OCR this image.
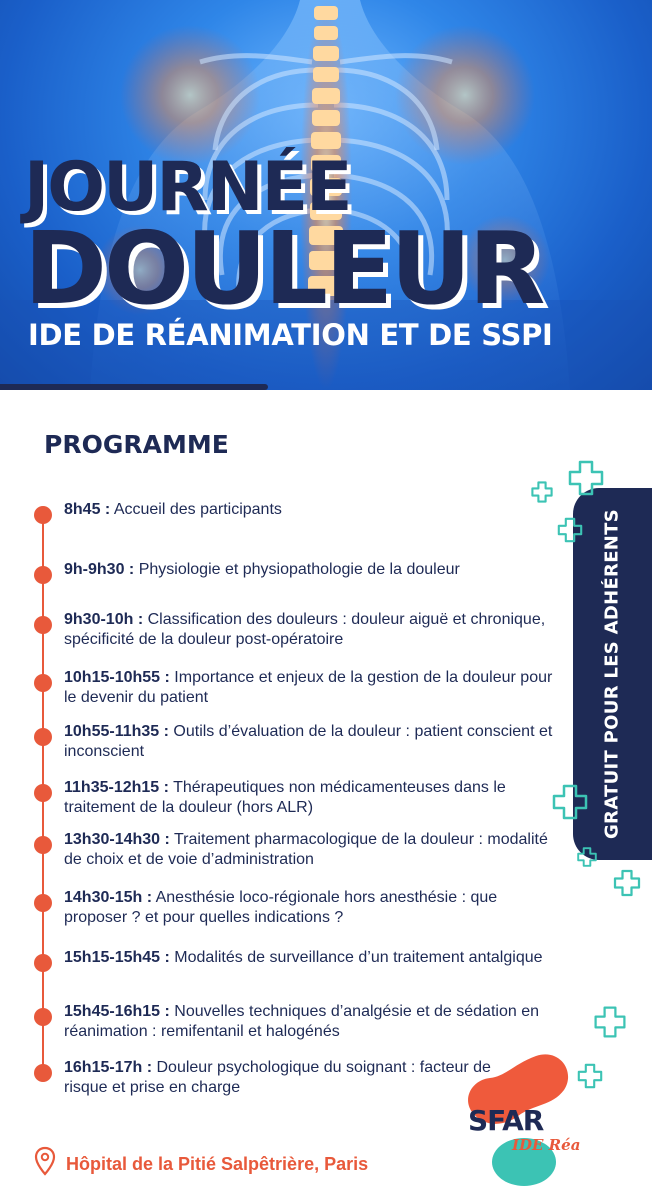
JOURNÉE
DOULEUR

IDE DE RÉANIMATION ET DE SSPI

PROGRAMME
8h45 : Accueil des participants
9h-9h30 : Physiologie et physiopathologie de la douleur
9h30-10h : Classification des douleurs : douleur aiguë et chronique, spécificité de la douleur post-opératoire
10h15-10h55 : Importance et enjeux de la gestion de la douleur pour le devenir du patient
10h55-11h35 : Outils d’évaluation de la douleur : patient conscient et inconscient
11h35-12h15 : Thérapeutiques non médicamenteuses dans le traitement de la douleur (hors ALR)
13h30-14h30 : Traitement pharmacologique de la douleur : modalité de choix et de voie d’administration
14h30-15h : Anesthésie loco-régionale hors anesthésie : que proposer ? et pour quelles indications ?
15h15-15h45 : Modalités de surveillance d’un traitement antalgique
15h45-16h15 : Nouvelles techniques d’analgésie et de sédation en réanimation : remifentanil et halogénés
16h15-17h : Douleur psychologique du soignant : facteur de risque et prise en charge
GRATUIT POUR LES ADHÉRENTS
SFAR
IDE Réa
Hôpital de la Pitié Salpêtrière, Paris
